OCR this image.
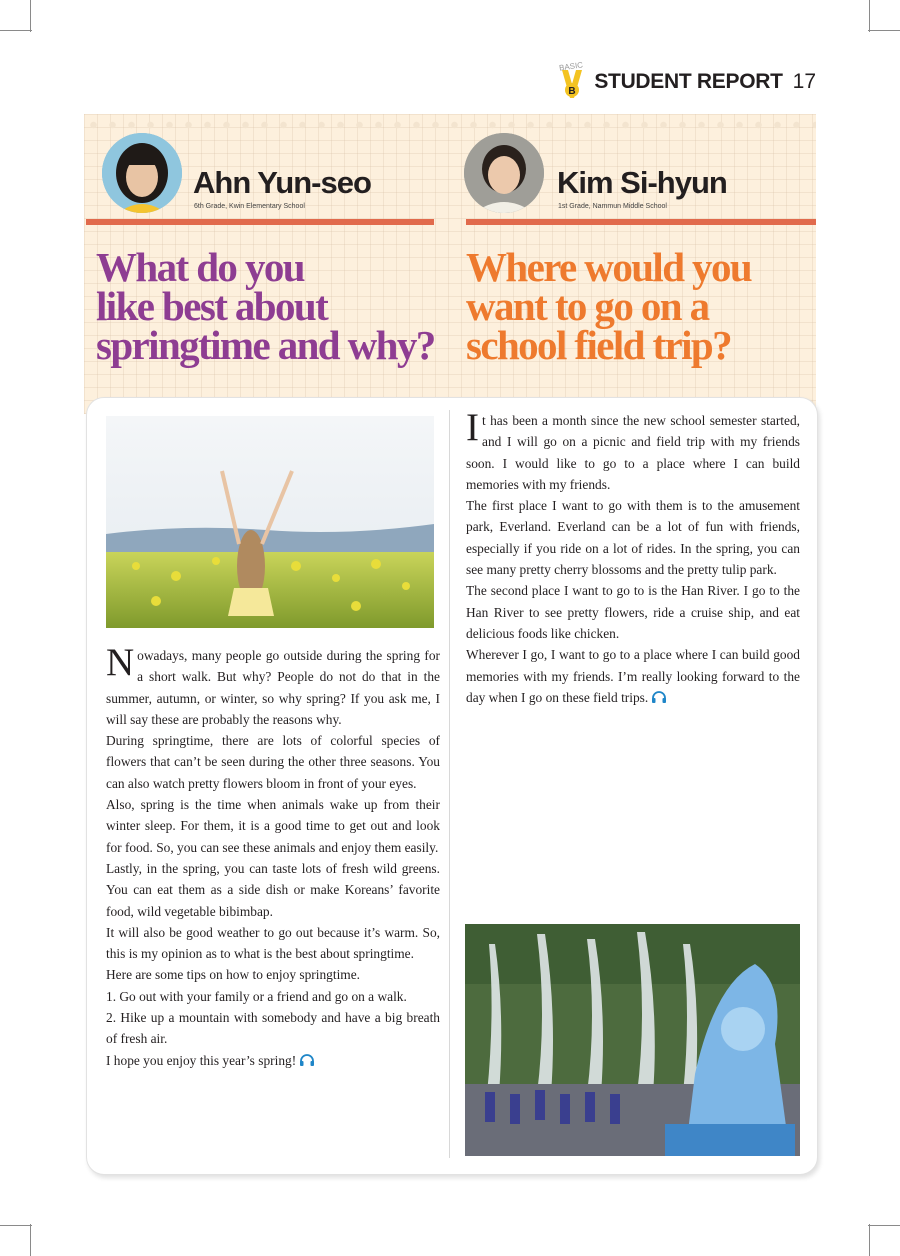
BASIC
B STUDENT REPORT 17
Ahn Yun-seo
6th Grade, Kwin Elementary School
Kim Si-hyun
1st Grade, Nammun Middle School
What do you
like best about
springtime and why?
Where would you
want to go on a
school field trip?

Nowadays, many people go outside during the spring for a short walk. But why? People do not do that in the summer, autumn, or winter, so why spring? If you ask me, I will say these are probably the reasons why.

During springtime, there are lots of colorful species of flowers that can’t be seen during the other three seasons. You can also watch pretty flowers bloom in front of your eyes.

Also, spring is the time when animals wake up from their winter sleep. For them, it is a good time to get out and look for food. So, you can see these animals and enjoy them easily.

Lastly, in the spring, you can taste lots of fresh wild greens. You can eat them as a side dish or make Koreans’ favorite food, wild vegetable bibimbap.

It will also be good weather to go out because it’s warm. So, this is my opinion as to what is the best about springtime.

Here are some tips on how to enjoy springtime.

1. Go out with your family or a friend and go on a walk.

2. Hike up a mountain with somebody and have a big breath of fresh air.

I hope you enjoy this year’s spring!

It has been a month since the new school semester started, and I will go on a picnic and field trip with my friends soon. I would like to go to a place where I can build memories with my friends.

The first place I want to go with them is to the amusement park, Everland. Everland can be a lot of fun with friends, especially if you ride on a lot of rides. In the spring, you can see many pretty cherry blossoms and the pretty tulip park.

The second place I want to go to is the Han River. I go to the Han River to see pretty flowers, ride a cruise ship, and eat delicious foods like chicken.

Wherever I go, I want to go to a place where I can build good memories with my friends. I’m really looking forward to the day when I go on these field trips.
